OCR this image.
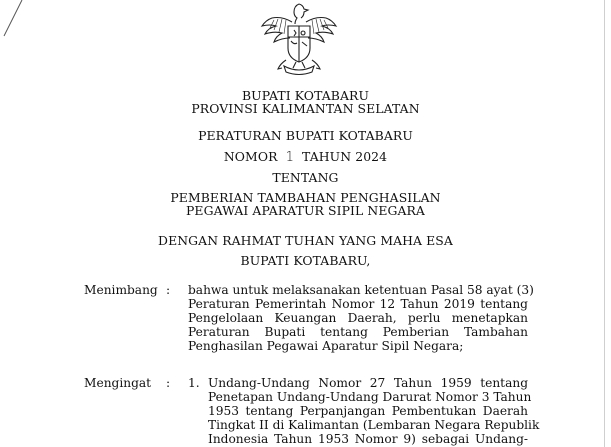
BUPATI KOTABARU
PROVINSI KALIMANTAN SELATAN
PERATURAN BUPATI KOTABARU
NOMOR 1 TAHUN 2024
TENTANG
PEMBERIAN TAMBAHAN PENGHASILAN
PEGAWAI APARATUR SIPIL NEGARA
DENGAN RAHMAT TUHAN YANG MAHA ESA
BUPATI KOTABARU,
Menimbang : bahwa untuk melaksanakan ketentuan Pasal 58 ayat (3)
Peraturan Pemerintah Nomor 12 Tahun 2019 tentang
Pengelolaan Keuangan Daerah, perlu menetapkan
Peraturan Bupati tentang Pemberian Tambahan
Penghasilan Pegawai Aparatur Sipil Negara;
Mengingat : 1. Undang-Undang Nomor 27 Tahun 1959 tentang
Penetapan Undang-Undang Darurat Nomor 3 Tahun
1953 tentang Perpanjangan Pembentukan Daerah
Tingkat II di Kalimantan (Lembaran Negara Republik
Indonesia Tahun 1953 Nomor 9) sebagai Undang-
